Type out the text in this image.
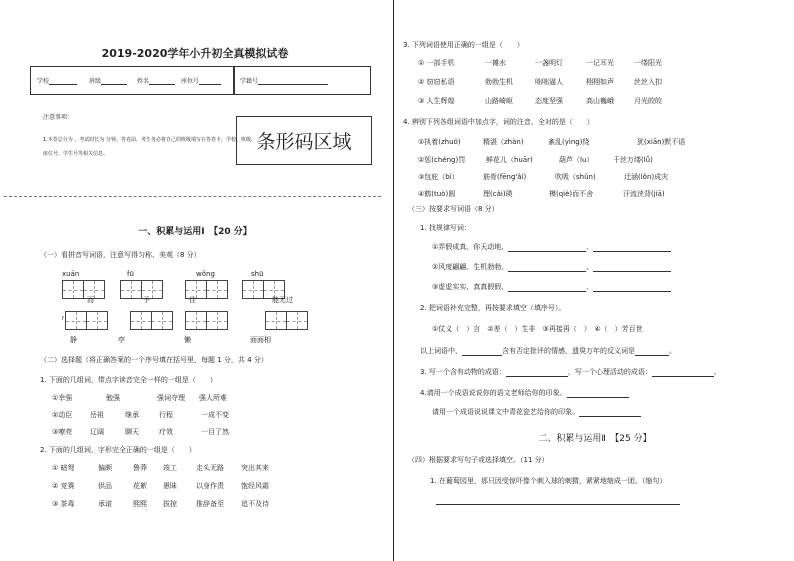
2019-2020学年小升初全真模拟试卷
学校	班级	姓名	座位号	学籍号
注意事项：
1.本卷总分为 ，考试时长为 分钟。答卷前，考生务必将自己的班级填写在答卷卡、学校、班级、
座位号、学生号等相关信息。
条形码区域
一、积累与运用Ⅰ　【20 分】
（一）看拼音写词语，注意写得匀称、美观（8 分）
xuān	fū	wǒng	shū
而	予	往	能无过
f
静	亭	懒	面面相
（二）选择题（将正确答案的一个序号填在括号里，每题 1 分，共 4 分）
1. 下面的几组词，带点字读音完全一样的一组是（　　）
①幸强	勉强	强词夺理 强人所难
②动臣	岳祖	继承	行程	一成不变
③嘹亮	辽阔	聊天	疗效	一目了然
2. 下面的几组词，字形完全正确的一组是（　　）
① 暗弩	偏颇	鲁莽 竣工	走头无路 突出其来
② 竞赛	供品	花絮 愚昧	以身作责 饱经风霜
③ 茶毒	承诺	熙熙 拔掠	推辞备至 追不及待
3. 下列词语使用正确的一组是（　　）
① 一部手机	一摊水	一盏明灯	一记耳光	一缕阳光
② 窃窃私语	勃勃生机	咄咄逼人	栩栩如声	丝丝入扣
③ 人生辉煌	山路崎岖	态度坚强	高山巍峨	月光皎皎
4. 辨别下列各组词语中加点字，词的注音，全对的是（　　）
①执着(zhuó)	精湛（zhàn)	紊乱(yìng)绕	犹(xiān)默不语
②惩(chéng)罚	鲜花儿（huār)	葫芦（lu）	千丝万缕(lǚ)
③包庇（bì）	筋骨(fēng'ǎi)	吹吸（shǔn)	迁涵(lǒn)成灾
④鹤(tuò)圆	理(cǎi)瑛	模(qiè)而不舍	汗流浃背(jiā)
（三）按要求写词语（8 分）
1. 找规律写词：
①弄假成真、你天动地、	、
②风度翩翩、生机勃勃、	、
③虚虚实实、真真假假、	、
2. 把词语补充完整，再按要求填空（填序号）。
①仗义（　）言　②差（　）生非　③再接再（　）　④（　）芳百世
以上词语中，	含有否定批评的情感，遗臭万年的反义词是	。
3. 写一个含有动物的成语：	，写一个心理活动的成语：	。
4.请用一个成语说说你的语文老师给你的印象。
请用一个成语说说课文中青花瓷艺给你的印象。
二、积累与运用Ⅱ　【25 分】
（四）根据要求写句子或选择填空。（11 分）
1. 在葡萄园里，那只因受惊吓像个刺入球的刺猬，紧紧地缩成一团。（缩句）
